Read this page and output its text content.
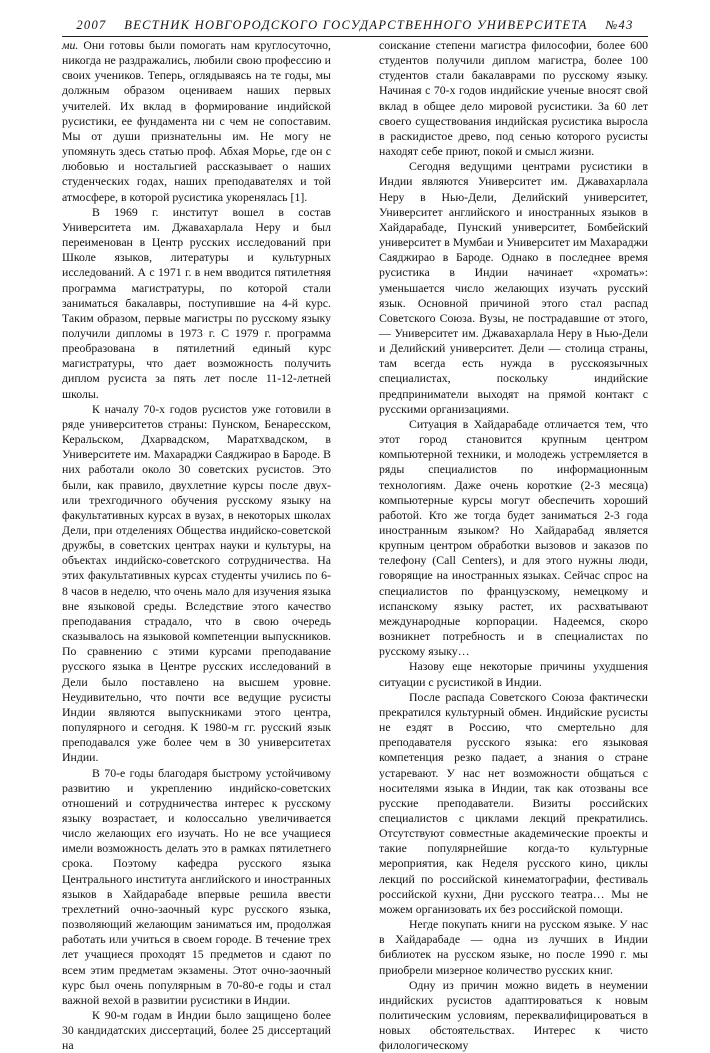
2007 ВЕСТНИК НОВГОРОДСКОГО ГОСУДАРСТВЕННОГО УНИВЕРСИТЕТА №43

ми. Они готовы были помогать нам круглосуточно, никогда не раздражались, любили свою профессию и своих учеников. Теперь, оглядываясь на те годы, мы должным образом оцениваем наших первых учителей. Их вклад в формирование индийской русистики, ее фундамента ни с чем не сопоставим. Мы от души признательны им. Не могу не упомянуть здесь статью проф. Абхая Морье, где он с любовью и ностальгией рассказывает о наших студенческих годах, наших преподавателях и той атмосфере, в которой русистика укоренялась [1].

В 1969 г. институт вошел в состав Университета им. Джавахарлала Неру и был переименован в Центр русских исследований при Школе языков, литературы и культурных исследований. А с 1971 г. в нем вводится пятилетняя программа магистратуры, по которой стали заниматься бакалавры, поступившие на 4-й курс. Таким образом, первые магистры по русскому языку получили дипломы в 1973 г. С 1979 г. программа преобразована в пятилетний единый курс магистратуры, что дает возможность получить диплом русиста за пять лет после 11-12-летней школы.

К началу 70-х годов русистов уже готовили в ряде университетов страны: Пунском, Бенаресском, Керальском, Дхарвадском, Маратхвадском, в Университете им. Махараджи Саяджирао в Бароде. В них работали около 30 советских русистов. Это были, как правило, двухлетние курсы после двух- или трехгодичного обучения русскому языку на факультативных курсах в вузах, в некоторых школах Дели, при отделениях Общества индийско-советской дружбы, в советских центрах науки и культуры, на объектах индийско-советского сотрудничества. На этих факультативных курсах студенты учились по 6-8 часов в неделю, что очень мало для изучения языка вне языковой среды. Вследствие этого качество преподавания страдало, что в свою очередь сказывалось на языковой компетенции выпускников. По сравнению с этими курсами преподавание русского языка в Центре русских исследований в Дели было поставлено на высшем уровне. Неудивительно, что почти все ведущие русисты Индии являются выпускниками этого центра, популярного и сегодня. К 1980-м гг. русский язык преподавался уже более чем в 30 университетах Индии.

В 70-е годы благодаря быстрому устойчивому развитию и укреплению индийско-советских отношений и сотрудничества интерес к русскому языку возрастает, и колоссально увеличивается число желающих его изучать. Но не все учащиеся имели возможность делать это в рамках пятилетнего срока. Поэтому кафедра русского языка Центрального института английского и иностранных языков в Хайдарабаде впервые решила ввести трехлетний очно-заочный курс русского языка, позволяющий желающим заниматься им, продолжая работать или учиться в своем городе. В течение трех лет учащиеся проходят 15 предметов и сдают по всем этим предметам экзамены. Этот очно-заочный курс был очень популярным в 70-80-е годы и стал важной вехой в развитии русистики в Индии.

К 90-м годам в Индии было защищено более 30 кандидатских диссертаций, более 25 диссертаций на

соискание степени магистра философии, более 600 студентов получили диплом магистра, более 100 студентов стали бакалаврами по русскому языку. Начиная с 70-х годов индийские ученые вносят свой вклад в общее дело мировой русистики. За 60 лет своего существования индийская русистика выросла в раскидистое древо, под сенью которого русисты находят себе приют, покой и смысл жизни.

Сегодня ведущими центрами русистики в Индии являются Университет им. Джавахарлала Неру в Нью-Дели, Делийский университет, Университет английского и иностранных языков в Хайдарабаде, Пунский университет, Бомбейский университет в Мумбаи и Университет им Махараджи Саяджирао в Бароде. Однако в последнее время русистика в Индии начинает «хромать»: уменьшается число желающих изучать русский язык. Основной причиной этого стал распад Советского Союза. Вузы, не пострадавшие от этого, — Университет им. Джавахарлала Неру в Нью-Дели и Делийский университет. Дели — столица страны, там всегда есть нужда в русскоязычных специалистах, поскольку индийские предприниматели выходят на прямой контакт с русскими организациями.

Ситуация в Хайдарабаде отличается тем, что этот город становится крупным центром компьютерной техники, и молодежь устремляется в ряды специалистов по информационным технологиям. Даже очень короткие (2-3 месяца) компьютерные курсы могут обеспечить хороший работой. Кто же тогда будет заниматься 2-3 года иностранным языком? Но Хайдарабад является крупным центром обработки вызовов и заказов по телефону (Call Centers), и для этого нужны люди, говорящие на иностранных языках. Сейчас спрос на специалистов по французскому, немецкому и испанскому языку растет, их расхватывают международные корпорации. Надеемся, скоро возникнет потребность и в специалистах по русскому языку…

Назову еще некоторые причины ухудшения ситуации с русистикой в Индии.

После распада Советского Союза фактически прекратился культурный обмен. Индийские русисты не ездят в Россию, что смертельно для преподавателя русского языка: его языковая компетенция резко падает, а знания о стране устаревают. У нас нет возможности общаться с носителями языка в Индии, так как отозваны все русские преподаватели. Визиты российских специалистов с циклами лекций прекратились. Отсутствуют совместные академические проекты и такие популярнейшие когда-то культурные мероприятия, как Неделя русского кино, циклы лекций по российской кинематографии, фестиваль российской кухни, Дни русского театра… Мы не можем организовать их без российской помощи.

Негде покупать книги на русском языке. У нас в Хайдарабаде — одна из лучших в Индии библиотек на русском языке, но после 1990 г. мы приобрели мизерное количество русских книг.

Одну из причин можно видеть в неумении индийских русистов адаптироваться к новым политическим условиям, переквалифицироваться в новых обстоятельствах. Интерес к чисто филологическому
